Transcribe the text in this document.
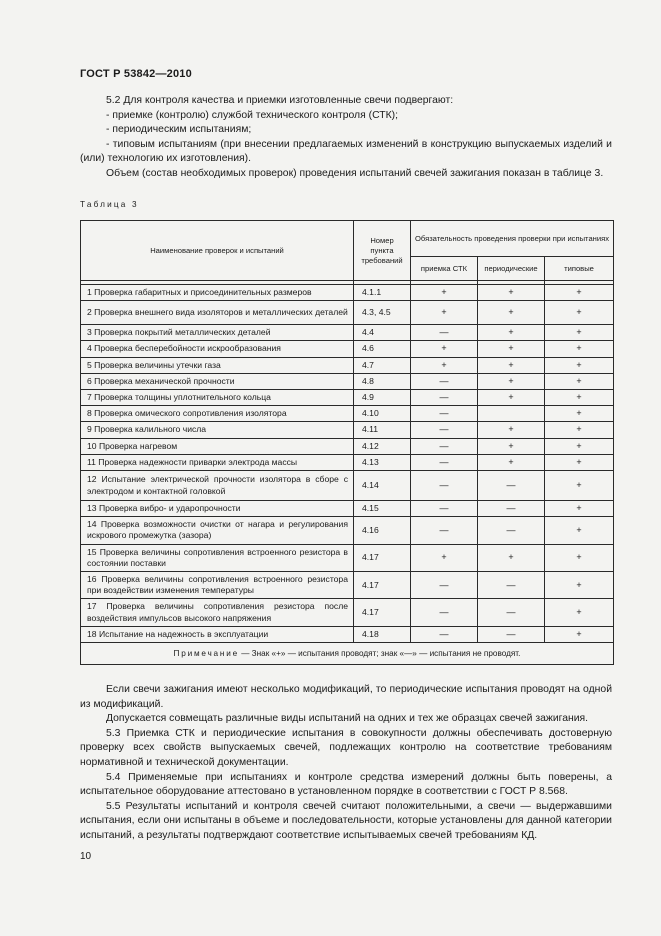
ГОСТ Р 53842—2010

5.2 Для контроля качества и приемки изготовленные свечи подвергают:

- приемке (контролю) службой технического контроля (СТК);

- периодическим испытаниям;

- типовым испытаниям (при внесении предлагаемых изменений в конструкцию выпускаемых изделий и (или) технологию их изготовления).

Объем (состав необходимых проверок) проведения испытаний свечей зажигания показан в таблице 3.

Таблица 3
Наименование проверок и испытаний	Номер пункта требований	Обязательность проведения проверки при испытаниях		
		приемка СТК	периодические	типовые

1 Проверка габаритных и присоединительных размеров	4.1.1	+	+	+
2 Проверка внешнего вида изоляторов и металлических деталей	4.3, 4.5	+	+	+
3 Проверка покрытий металлических деталей	4.4	—	+	+
4 Проверка бесперебойности искрообразования	4.6	+	+	+
5 Проверка величины утечки газа	4.7	+	+	+
6 Проверка механической прочности	4.8	—	+	+
7 Проверка толщины уплотнительного кольца	4.9	—	+	+
8 Проверка омического сопротивления изолятора	4.10	—		+
9 Проверка калильного числа	4.11	—	+	+
10 Проверка нагревом	4.12	—	+	+
11 Проверка надежности приварки электрода массы	4.13	—	+	+
12 Испытание электрической прочности изолятора в сборе с электродом и контактной головкой	4.14	—	—	+
13 Проверка вибро- и ударопрочности	4.15	—	—	+
14 Проверка возможности очистки от нагара и регулирования искрового промежутка (зазора)	4.16	—	—	+
15 Проверка величины сопротивления встроенного резистора в состоянии поставки	4.17	+	+	+
16 Проверка величины сопротивления встроенного резистора при воздействии изменения температуры	4.17	—	—	+
17 Проверка величины сопротивления резистора после воздействия импульсов высокого напряжения	4.17	—	—	+
18 Испытание на надежность в эксплуатации	4.18	—	—	+
Примечание — Знак «+» — испытания проводят; знак «—» — испытания не проводят.				

Если свечи зажигания имеют несколько модификаций, то периодические испытания проводят на одной из модификаций.

Допускается совмещать различные виды испытаний на одних и тех же образцах свечей зажигания.

5.3 Приемка СТК и периодические испытания в совокупности должны обеспечивать достоверную проверку всех свойств выпускаемых свечей, подлежащих контролю на соответствие требованиям нормативной и технической документации.

5.4 Применяемые при испытаниях и контроле средства измерений должны быть поверены, а испытательное оборудование аттестовано в установленном порядке в соответствии с ГОСТ Р 8.568.

5.5 Результаты испытаний и контроля свечей считают положительными, а свечи — выдержавшими испытания, если они испытаны в объеме и последовательности, которые установлены для данной категории испытаний, а результаты подтверждают соответствие испытываемых свечей требованиям КД.

10
